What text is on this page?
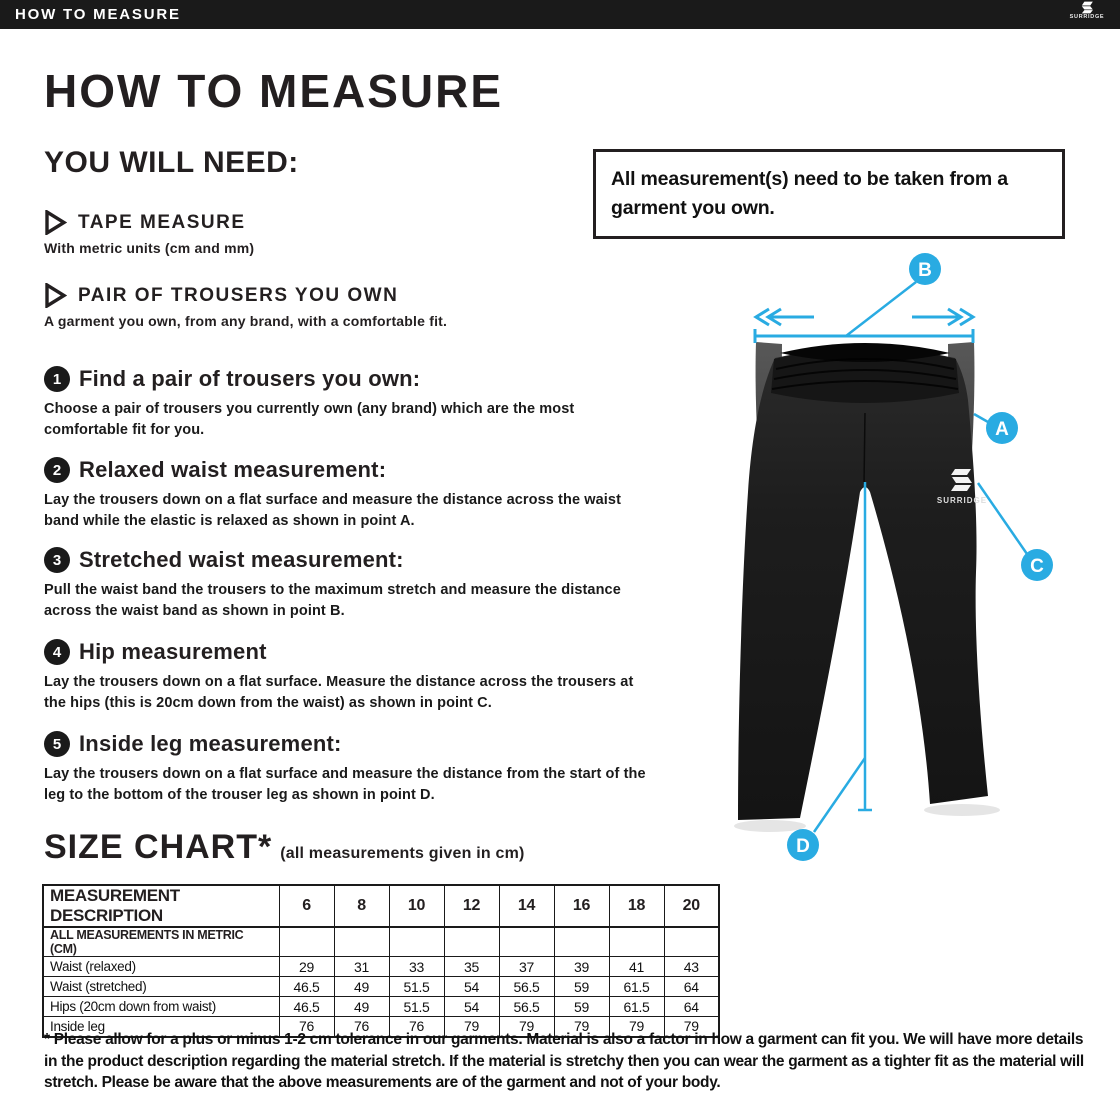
HOW TO MEASURE	SURRIDGE
HOW TO MEASURE
YOU WILL NEED:
TAPE MEASURE
With metric units (cm and mm)
PAIR OF TROUSERS YOU OWN
A garment you own, from any brand, with a comfortable fit.
All measurement(s) need to be taken from a garment you own.
1 Find a pair of trousers you own:
Choose a pair of trousers you currently own (any brand) which are the most comfortable fit for you.
2 Relaxed waist measurement:
Lay the trousers down on a flat surface and measure the distance across the waist band while the elastic is relaxed as shown in point A.
3 Stretched waist measurement:
Pull the waist band the trousers to the maximum stretch and measure the distance across the waist band as shown in point B.
4 Hip measurement
Lay the trousers down on a flat surface. Measure the distance across the trousers at the hips (this is 20cm down from the waist) as shown in point C.
5 Inside leg measurement:
Lay the trousers down on a flat surface and measure the distance from the start of the leg to the bottom of the trouser leg as shown in point D.
SURRIDGE
A
B
C
D
SIZE CHART* (all measurements given in cm)
MEASUREMENT DESCRIPTION	6	8	10	12	14	16	18	20
ALL MEASUREMENTS IN METRIC (CM)								
Waist (relaxed)	29	31	33	35	37	39	41	43
Waist (stretched)	46.5	49	51.5	54	56.5	59	61.5	64
Hips (20cm down from waist)	46.5	49	51.5	54	56.5	59	61.5	64
Inside leg	76	76	76	79	79	79	79	79
* Please allow for a plus or minus 1-2 cm tolerance in our garments. Material is also a factor in how a garment can fit you. We will have more details in the product description regarding the material stretch. If the material is stretchy then you can wear the garment as a tighter fit as the material will stretch. Please be aware that the above measurements are of the garment and not of your body.
